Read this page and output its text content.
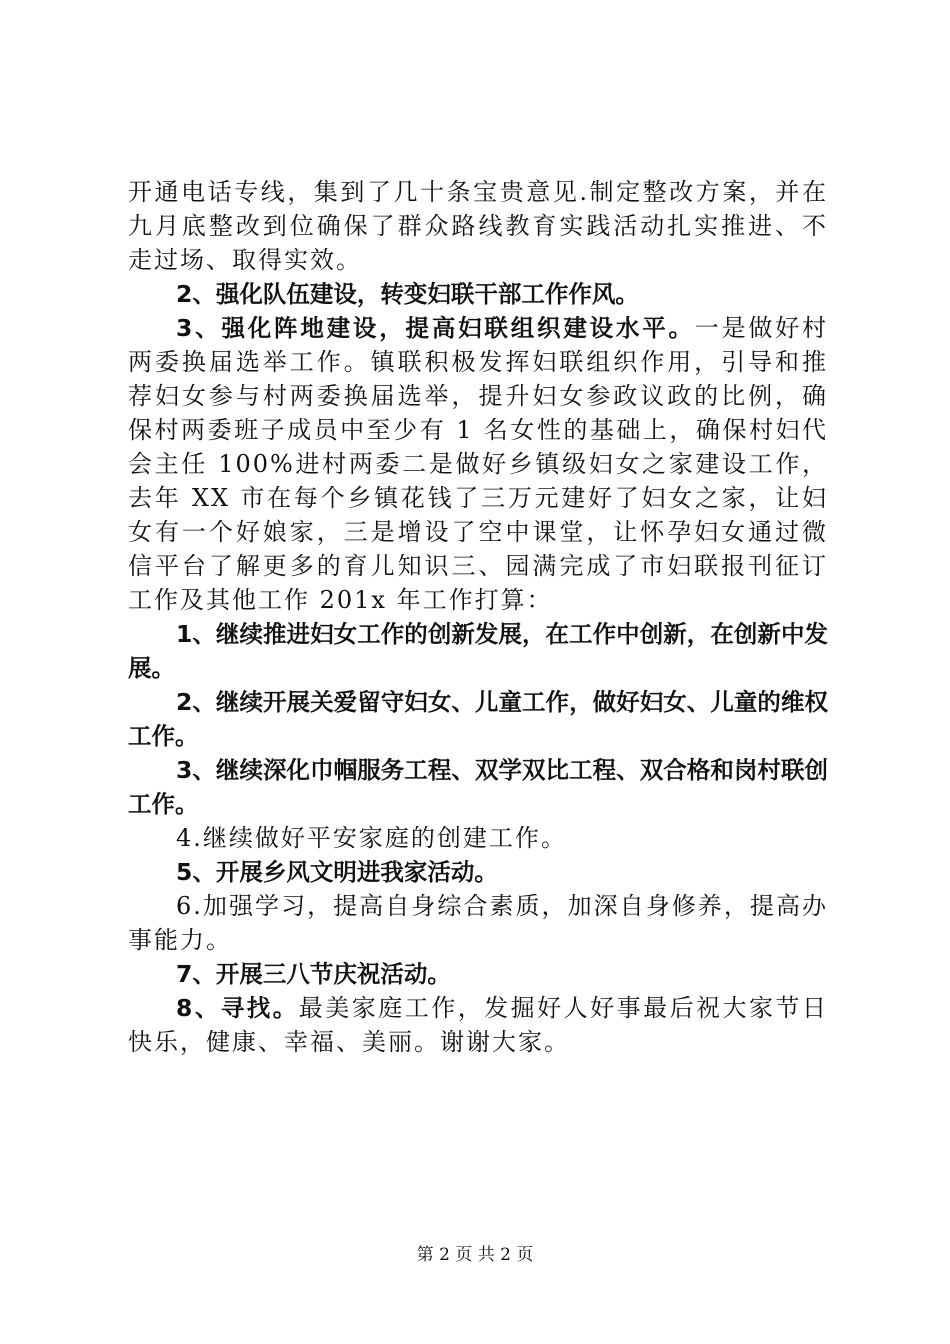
开通电话专线，集到了几十条宝贵意见.制定整改方案，并在九月底整改到位确保了群众路线教育实践活动扎实推进、不走过场、取得实效。

2、强化队伍建设，转变妇联干部工作作风。

3、强化阵地建设，提高妇联组织建设水平。一是做好村两委换届选举工作。镇联积极发挥妇联组织作用，引导和推荐妇女参与村两委换届选举，提升妇女参政议政的比例，确保村两委班子成员中至少有 1 名女性的基础上，确保村妇代会主任 100%进村两委二是做好乡镇级妇女之家建设工作，去年 XX 市在每个乡镇花钱了三万元建好了妇女之家，让妇女有一个好娘家，三是增设了空中课堂，让怀孕妇女通过微信平台了解更多的育儿知识三、园满完成了市妇联报刊征订工作及其他工作 201x 年工作打算：

1、继续推进妇女工作的创新发展，在工作中创新，在创新中发展。

2、继续开展关爱留守妇女、儿童工作，做好妇女、儿童的维权工作。

3、继续深化巾帼服务工程、双学双比工程、双合格和岗村联创工作。

4.继续做好平安家庭的创建工作。

5、开展乡风文明进我家活动。

6.加强学习，提高自身综合素质，加深自身修养，提高办事能力。

7、开展三八节庆祝活动。

8、寻找。最美家庭工作，发掘好人好事最后祝大家节日快乐，健康、幸福、美丽。谢谢大家。

第 2 页 共 2 页
